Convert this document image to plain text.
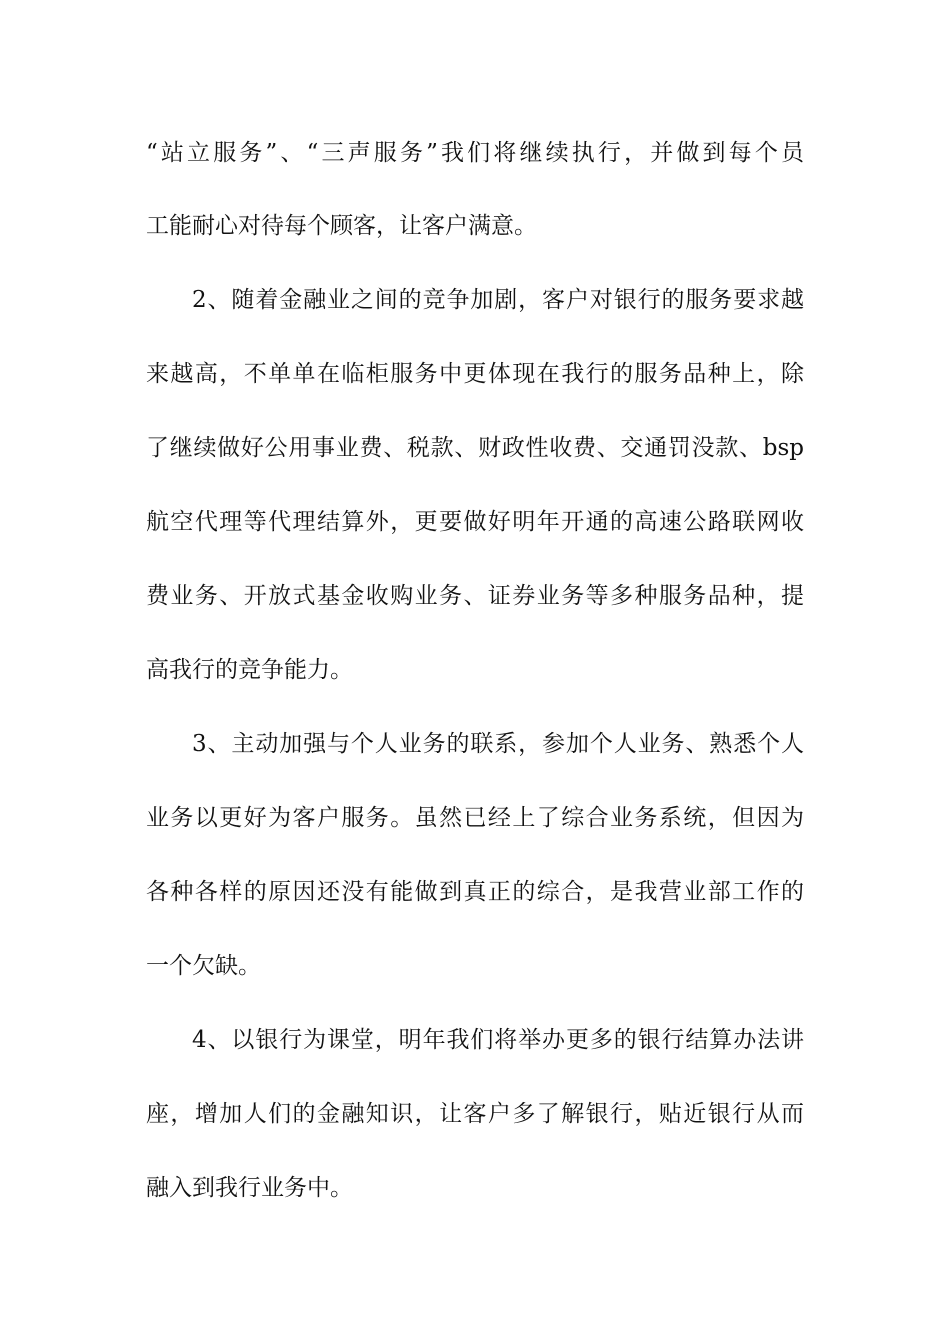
“站立服务”、“三声服务”我们将继续执行，并做到每个员
工能耐心对待每个顾客，让客户满意。
2、随着金融业之间的竞争加剧，客户对银行的服务要求越
来越高，不单单在临柜服务中更体现在我行的服务品种上，除
了继续做好公用事业费、税款、财政性收费、交通罚没款、bsp
航空代理等代理结算外，更要做好明年开通的高速公路联网收
费业务、开放式基金收购业务、证券业务等多种服务品种，提
高我行的竞争能力。
3、主动加强与个人业务的联系，参加个人业务、熟悉个人
业务以更好为客户服务。虽然已经上了综合业务系统，但因为
各种各样的原因还没有能做到真正的综合，是我营业部工作的
一个欠缺。
4、以银行为课堂，明年我们将举办更多的银行结算办法讲
座，增加人们的金融知识，让客户多了解银行，贴近银行从而
融入到我行业务中。
